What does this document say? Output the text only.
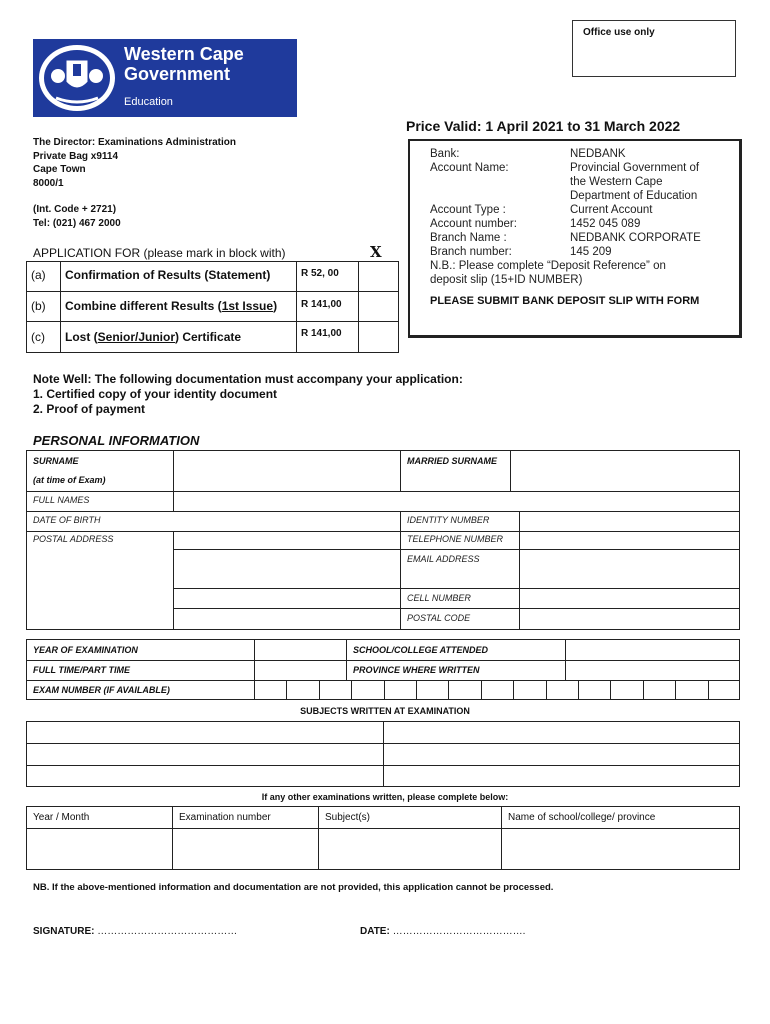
Western Cape
Government
Education
Office use only
The Director: Examinations Administration
Private Bag x9114
Cape Town
8000/1
(Int. Code + 2721)
Tel: (021) 467 2000
Price Valid: 1 April 2021 to 31 March 2022
Bank:	NEDBANK
Account Name:	Provincial Government of
the Western Cape
Department of Education
Account Type :	Current Account
Account number:	1452 045 089
Branch Name :	NEDBANK CORPORATE
Branch number:	145 209
N.B.: Please complete “Deposit Reference” on
deposit slip (15+ID NUMBER)
PLEASE SUBMIT BANK DEPOSIT SLIP WITH FORM
APPLICATION FOR (please mark in block with)	X
(a)	Confirmation of Results (Statement)	R 52, 00	
(b)	Combine different Results (1st Issue)	R 141,00	
(c)	Lost (Senior/Junior) Certificate	R 141,00	
Note Well: The following documentation must accompany your application:
1. Certified copy of your identity document
2. Proof of payment
PERSONAL INFORMATION
SURNAME
(at time of Exam)
MARRIED SURNAME
FULL NAMES
DATE OF BIRTH	IDENTITY NUMBER
POSTAL ADDRESS	TELEPHONE NUMBER
EMAIL ADDRESS
CELL NUMBER
POSTAL CODE
YEAR OF EXAMINATION	SCHOOL/COLLEGE ATTENDED
FULL TIME/PART TIME	PROVINCE WHERE WRITTEN
EXAM NUMBER (IF AVAILABLE)
SUBJECTS WRITTEN AT EXAMINATION
If any other examinations written, please complete below:
Year / Month	Examination number	Subject(s)	Name of school/college/ province
NB. If the above-mentioned information and documentation are not provided, this application cannot be processed.
SIGNATURE: ……………………………………	DATE: ………………………………….
